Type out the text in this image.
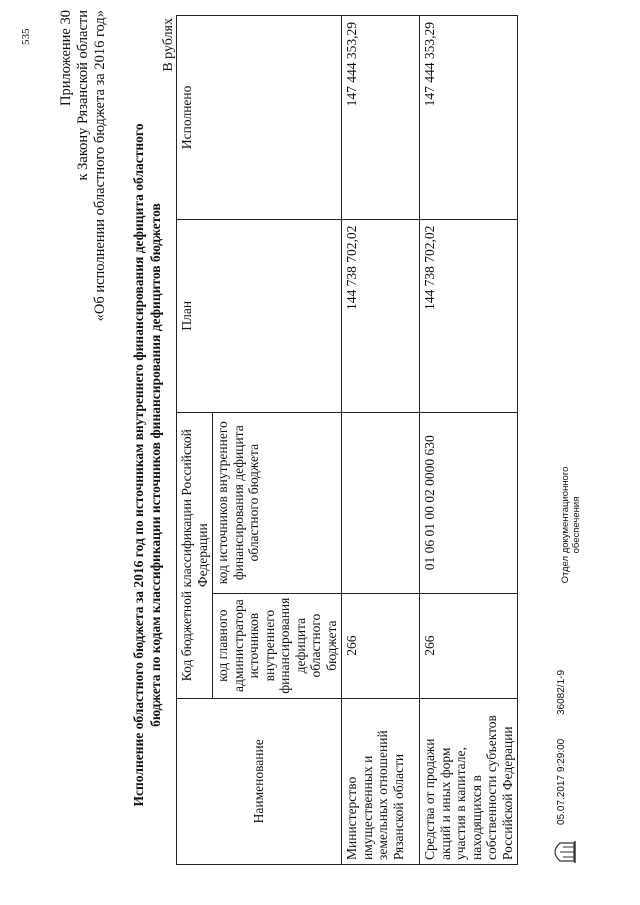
535 Приложение 30 к Закону Рязанской области «Об исполнении областного бюджета за 2016 год» Исполнение областного бюджета за 2016 год по источникам внутреннего финансирования дефицита областного бюджета по кодам классификации источников финансирования дефицитов бюджетов
В рублях
Наименование	Код бюджетной классификации Российской Федерации		План	Исполнено
	код главного администратора источников внутреннего финансирования дефицита областного бюджета	код источников внутреннего финансирования дефицита областного бюджета		
Министерство имущественных и земельных отношений Рязанской области	266		144 738 702,02	147 444 353,29
Средства от продажи акций и иных форм участия в капитале, находящихся в собственности субъектов Российской Федерации	266	01 06 01 00 02 0000 630	144 738 702,02	147 444 353,29
05.07.2017 9:29:00
36082/1-9
Отдел документационного обеспечения
